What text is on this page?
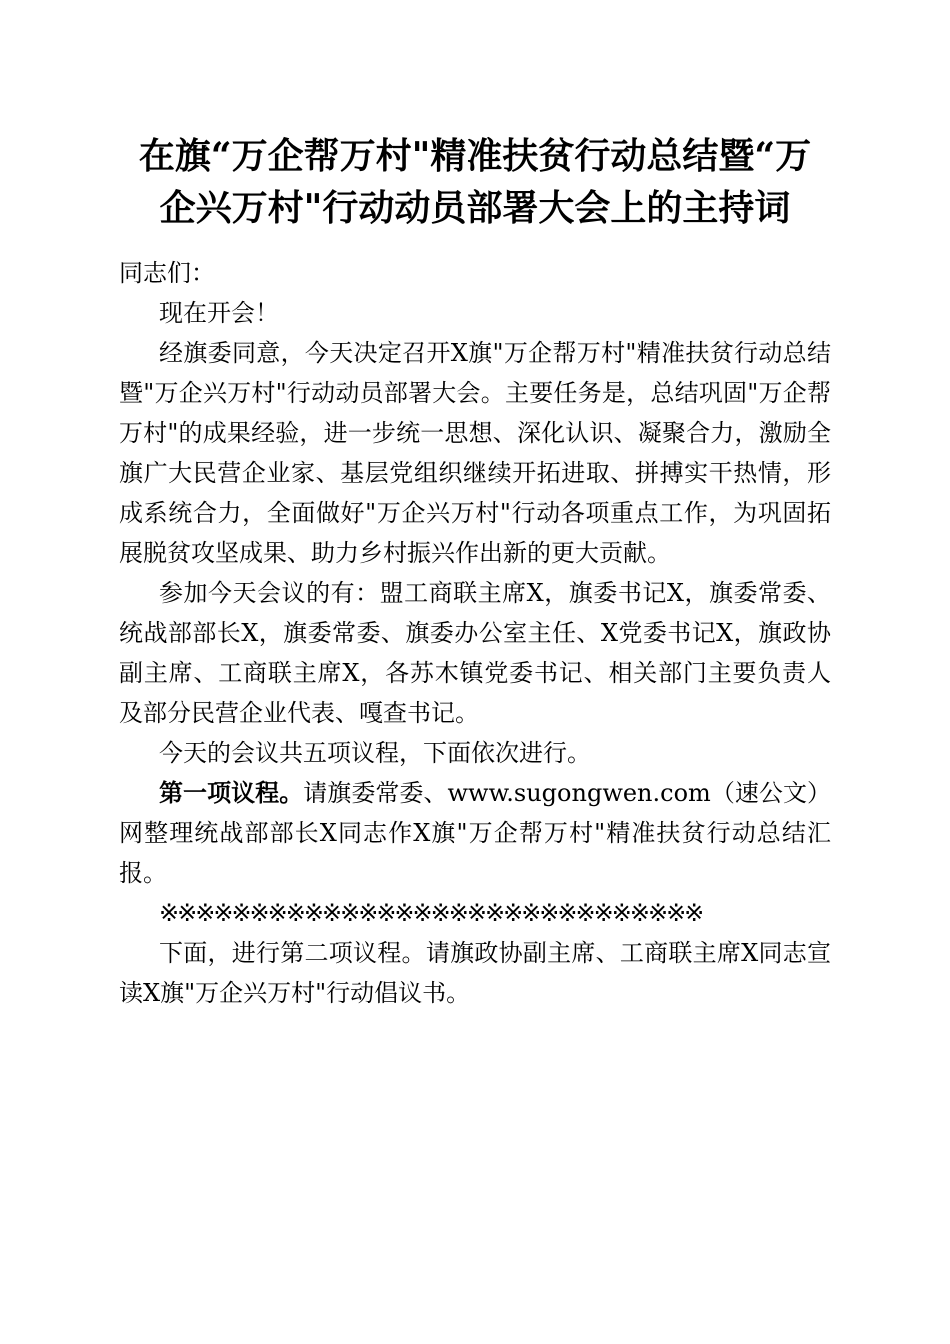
在旗“万企帮万村"精准扶贫行动总结暨“万
企兴万村"行动动员部署大会上的主持词

同志们：

现在开会！

经旗委同意，今天决定召开X旗"万企帮万村"精准扶贫行动总结暨"万企兴万村"行动动员部署大会。主要任务是，总结巩固"万企帮万村"的成果经验，进一步统一思想、深化认识、凝聚合力，激励全旗广大民营企业家、基层党组织继续开拓进取、拼搏实干热情，形成系统合力，全面做好"万企兴万村"行动各项重点工作，为巩固拓展脱贫攻坚成果、助力乡村振兴作出新的更大贡献。

参加今天会议的有：盟工商联主席X，旗委书记X，旗委常委、统战部部长X，旗委常委、旗委办公室主任、X党委书记X，旗政协副主席、工商联主席X，各苏木镇党委书记、相关部门主要负责人及部分民营企业代表、嘎查书记。

今天的会议共五项议程，下面依次进行。

第一项议程。请旗委常委、www.sugongwen.com（速公文）网整理统战部部长X同志作X旗"万企帮万村"精准扶贫行动总结汇报。

※※※※※※※※※※※※※※※※※※※※※※※※※※※※※※

下面，进行第二项议程。请旗政协副主席、工商联主席X同志宣读X旗"万企兴万村"行动倡议书。
